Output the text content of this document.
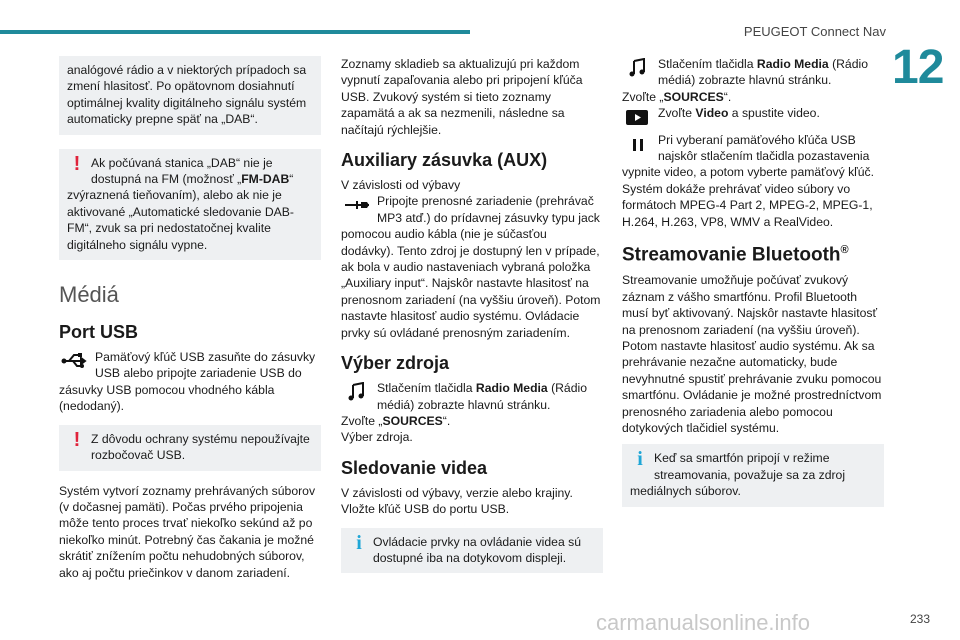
PEUGEOT Connect Nav
12
analógové rádio a v niektorých prípadoch sa zmení hlasitosť. Po opätovnom dosiahnutí optimálnej kvality digitálneho signálu systém automaticky prepne späť na „DAB“.
! Ak počúvaná stanica „DAB“ nie je
dostupná na FM (možnosť „FM-DAB“
zvýraznená tieňovaním), alebo ak nie je aktivované „Automatické sledovanie DAB-FM“, zvuk sa pri nedostatočnej kvalite digitálneho signálu vypne.
Médiá
Port USB

Pamäťový kľúč USB zasuňte do zásuvky

USB alebo pripojte zariadenie USB do

zásuvky USB pomocou vhodného kábla (nedodaný).

! Z dôvodu ochrany systému nepoužívajte
rozbočovač USB.

Systém vytvorí zoznamy prehrávaných súborov (v dočasnej pamäti). Počas prvého pripojenia môže tento proces trvať niekoľko sekúnd až po niekoľko minút. Potrebný čas čakania je možné skrátiť znížením počtu nehudobných súborov, ako aj počtu priečinkov v danom zariadení.

Zoznamy skladieb sa aktualizujú pri každom vypnutí zapaľovania alebo pri pripojení kľúča USB. Zvukový systém si tieto zoznamy zapamätá a ak sa nezmenili, následne sa načítajú rýchlejšie.

Auxiliary zásuvka (AUX)

V závislosti od výbavy

Pripojte prenosné zariadenie (prehrávač

MP3 atď.) do prídavnej zásuvky typu jack

pomocou audio kábla (nie je súčasťou dodávky). Tento zdroj je dostupný len v prípade, ak bola v audio nastaveniach vybraná položka „Auxiliary input“. Najskôr nastavte hlasitosť na prenosnom zariadení (na vyššiu úroveň). Potom nastavte hlasitosť audio systému. Ovládacie prvky sú ovládané prenosným zariadením.

Výber zdroja

Stlačením tlačidla Radio Media (Rádio

médiá) zobrazte hlavnú stránku.

Zvoľte „SOURCES“.

Výber zdroja.

Sledovanie videa

V závislosti od výbavy, verzie alebo krajiny. Vložte kľúč USB do portu USB.

i Ovládacie prvky na ovládanie videa sú
dostupné iba na dotykovom displeji.

Stlačením tlačidla Radio Media (Rádio

médiá) zobrazte hlavnú stránku.

Zvoľte „SOURCES“.

Zvoľte Video a spustite video.

Pri vyberaní pamäťového kľúča USB

najskôr stlačením tlačidla pozastavenia

vypnite video, a potom vyberte pamäťový kľúč. Systém dokáže prehrávať video súbory vo formátoch MPEG-4 Part 2, MPEG-2, MPEG-1, H.264, H.263, VP8, WMV a RealVideo.

Streamovanie Bluetooth®

Streamovanie umožňuje počúvať zvukový záznam z vášho smartfónu. Profil Bluetooth musí byť aktivovaný. Najskôr nastavte hlasitosť na prenosnom zariadení (na vyššiu úroveň). Potom nastavte hlasitosť audio systému. Ak sa prehrávanie nezačne automaticky, bude nevyhnutné spustiť prehrávanie zvuku pomocou smartfónu. Ovládanie je možné prostredníctvom prenosného zariadenia alebo pomocou dotykových tlačidiel systému.

i Keď sa smartfón pripojí v režime
streamovania, považuje sa za zdroj
mediálnych súborov.
carmanualsonline.info	233
